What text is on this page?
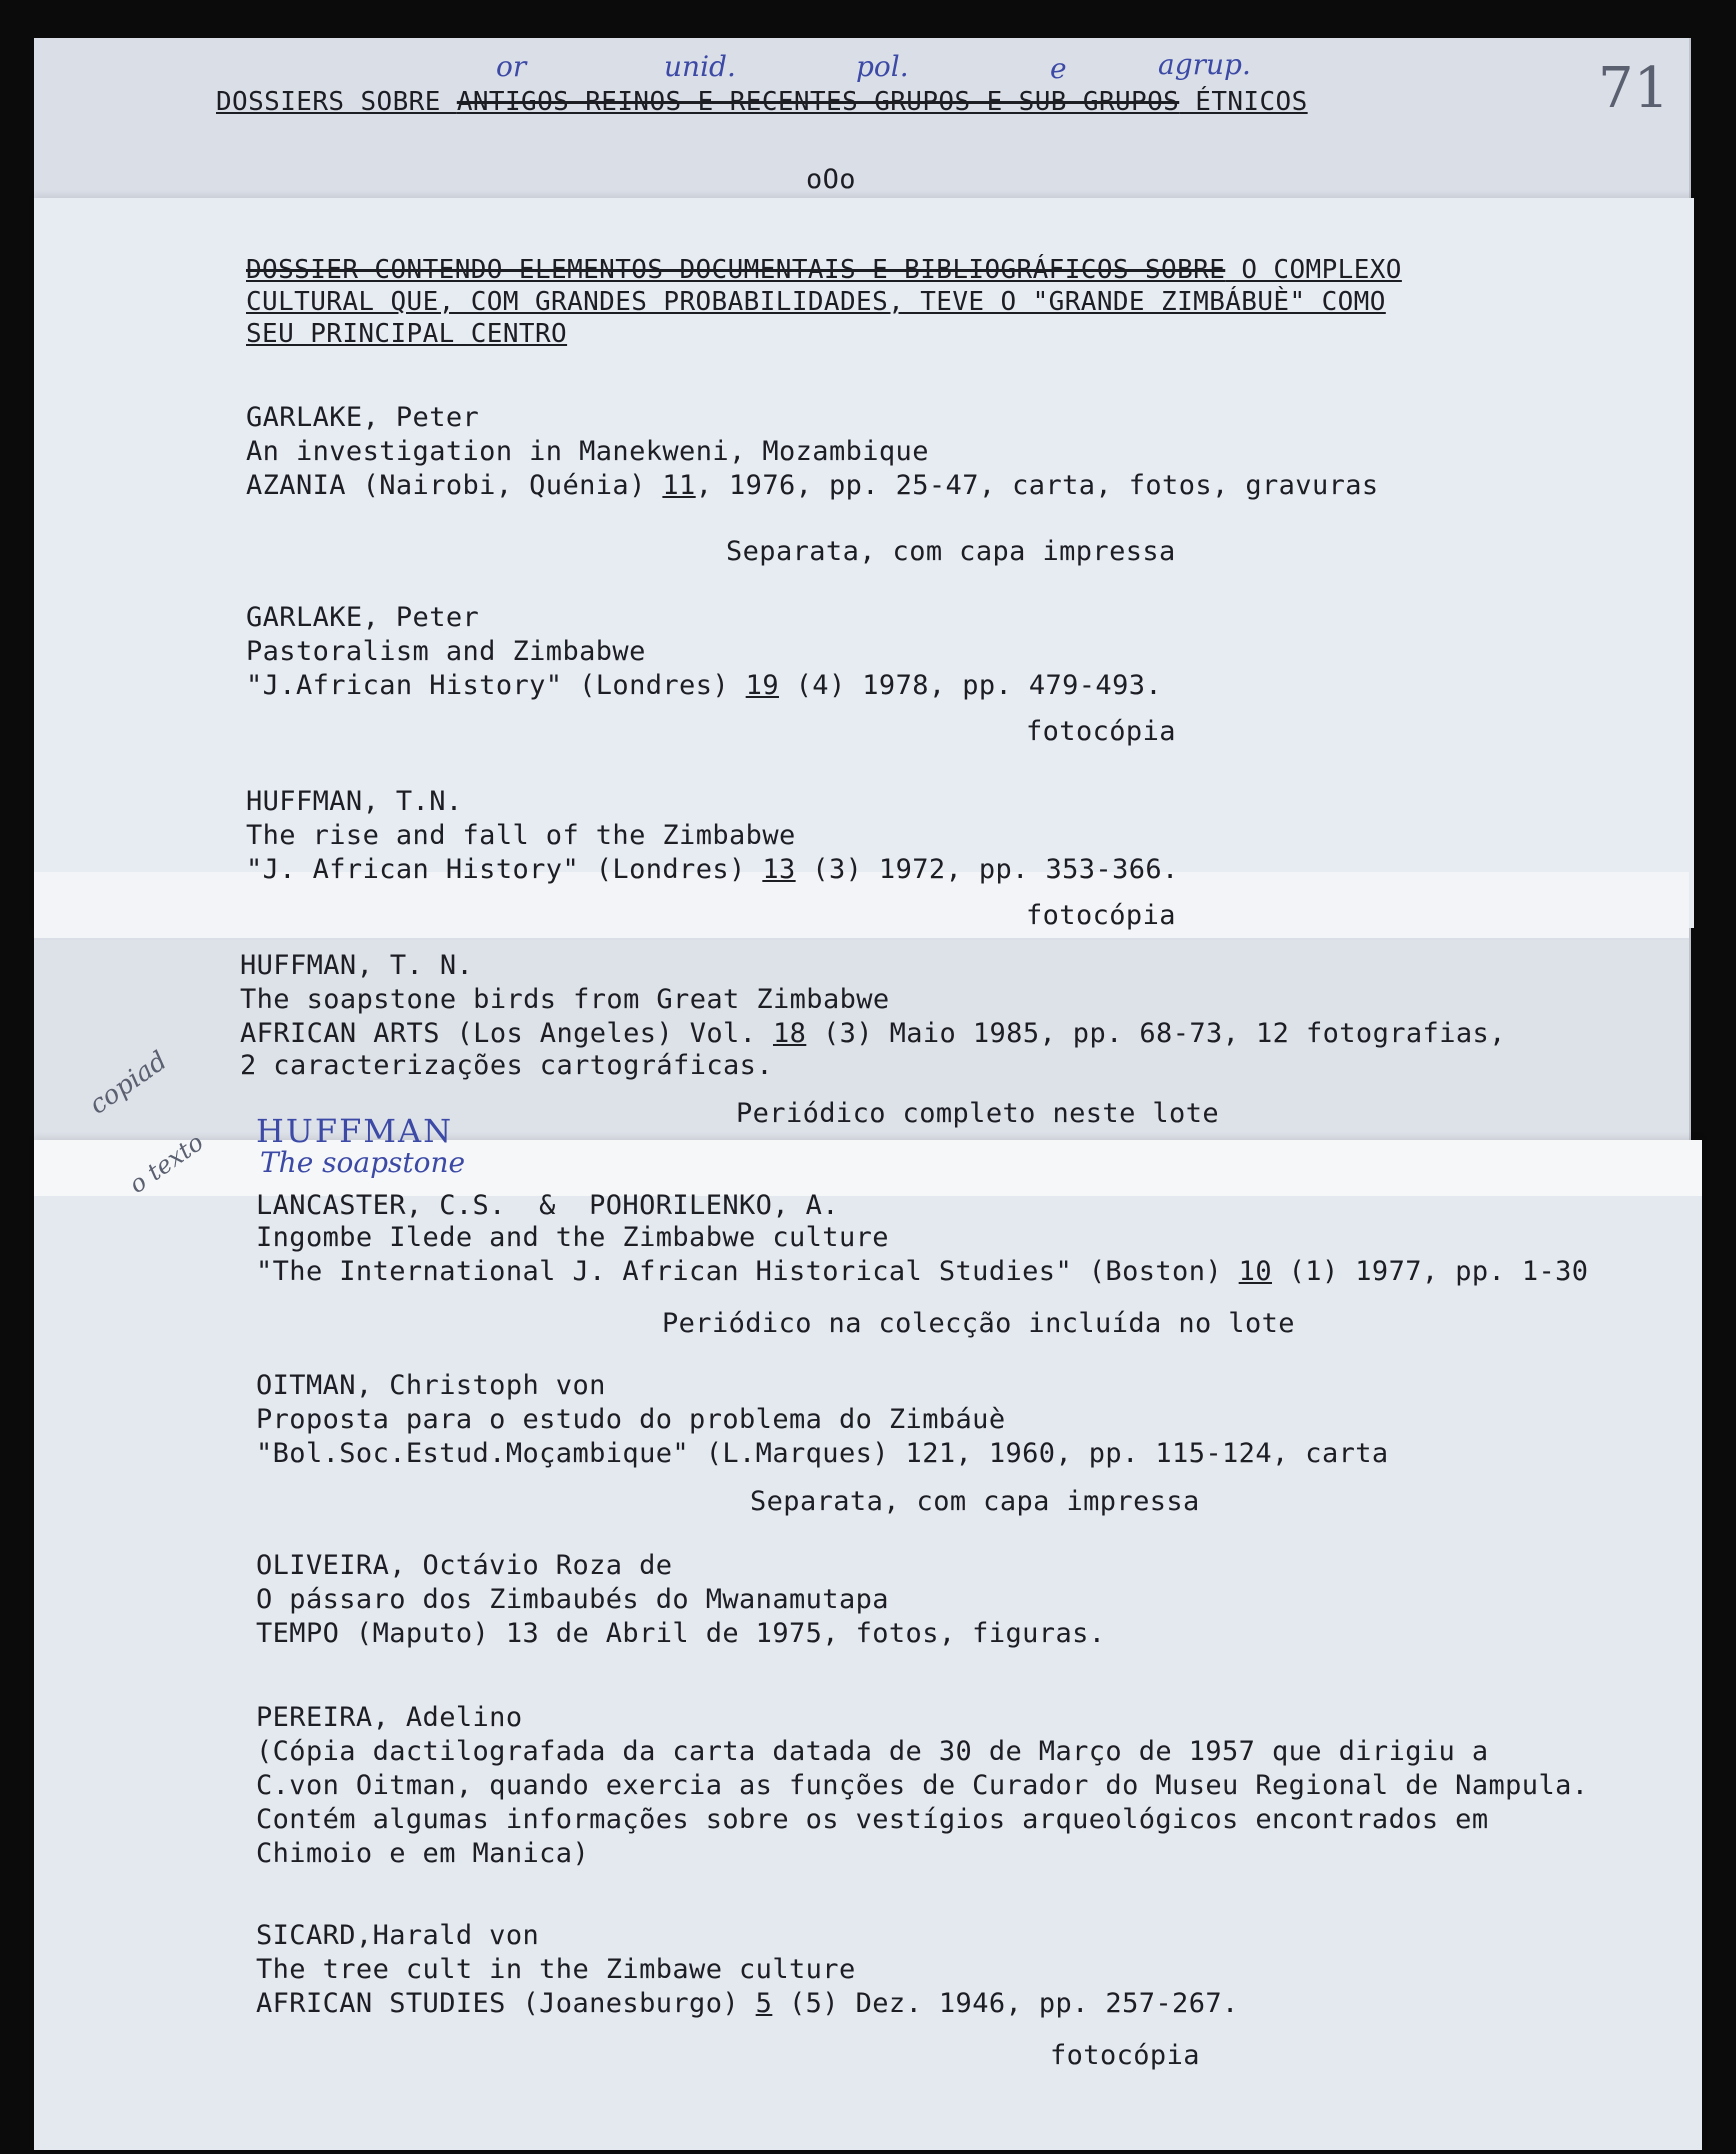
71
or	unid.	pol.	e	agrup.
DOSSIERS SOBRE ANTIGOS REINOS E RECENTES GRUPOS E SUB-GRUPOS ÉTNICOS
oOo
DOSSIER CONTENDO ELEMENTOS DOCUMENTAIS E BIBLIOGRÁFICOS SOBRE O COMPLEXO
CULTURAL QUE, COM GRANDES PROBABILIDADES, TEVE O "GRANDE ZIMBÁBUÈ" COMO
SEU PRINCIPAL CENTRO
GARLAKE, Peter
An investigation in Manekweni, Mozambique
AZANIA (Nairobi, Quénia) 11, 1976, pp. 25-47, carta, fotos, gravuras
Separata, com capa impressa
GARLAKE, Peter
Pastoralism and Zimbabwe
"J.African History" (Londres) 19 (4) 1978, pp. 479-493.
fotocópia
HUFFMAN, T.N.
The rise and fall of the Zimbabwe
"J. African History" (Londres) 13 (3) 1972, pp. 353-366.
fotocópia
HUFFMAN, T. N.
The soapstone birds from Great Zimbabwe
AFRICAN ARTS (Los Angeles) Vol. 18 (3) Maio 1985, pp. 68-73, 12 fotografias,
2 caracterizações cartográficas.
Periódico completo neste lote
copiad
o texto HUFFMAN
The soapstone
LANCASTER, C.S.  &  POHORILENKO, A.
Ingombe Ilede and the Zimbabwe culture
"The International J. African Historical Studies" (Boston) 10 (1) 1977, pp. 1-30
Periódico na colecção incluída no lote
OITMAN, Christoph von
Proposta para o estudo do problema do Zimbáuè
"Bol.Soc.Estud.Moçambique" (L.Marques) 121, 1960, pp. 115-124, carta
Separata, com capa impressa
OLIVEIRA, Octávio Roza de
O pássaro dos Zimbaubés do Mwanamutapa
TEMPO (Maputo) 13 de Abril de 1975, fotos, figuras.
PEREIRA, Adelino
(Cópia dactilografada da carta datada de 30 de Março de 1957 que dirigiu a
C.von Oitman, quando exercia as funções de Curador do Museu Regional de Nampula.
Contém algumas informações sobre os vestígios arqueológicos encontrados em
Chimoio e em Manica)
SICARD,Harald von
The tree cult in the Zimbawe culture
AFRICAN STUDIES (Joanesburgo) 5 (5) Dez. 1946, pp. 257-267.
fotocópia
